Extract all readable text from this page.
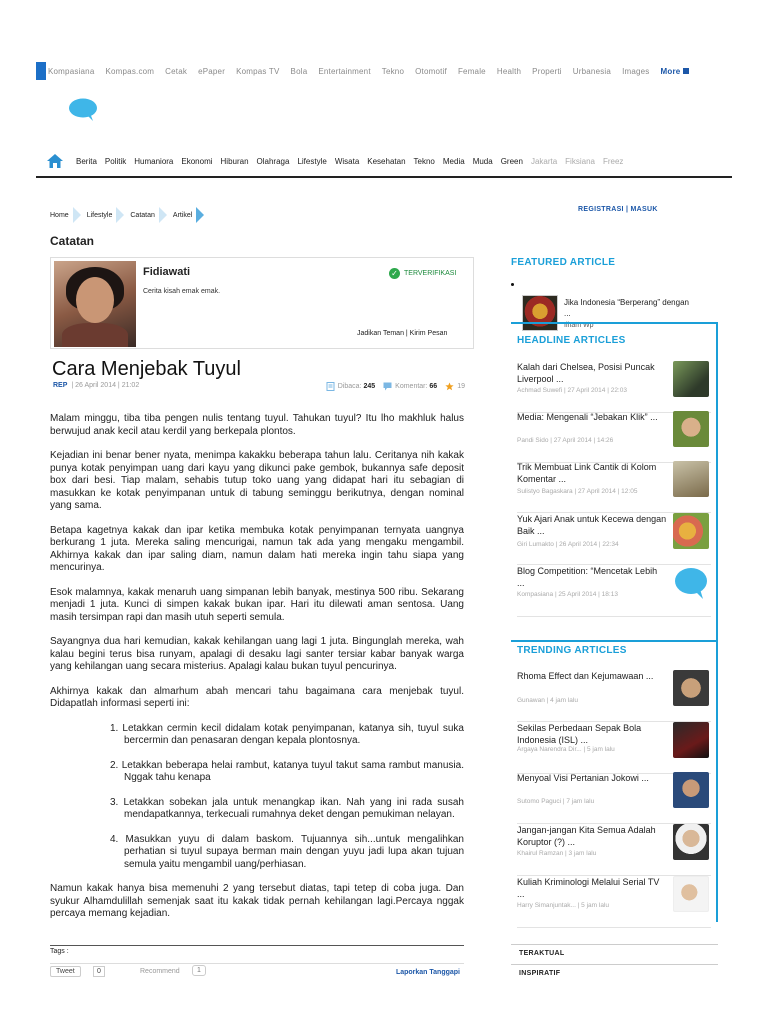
Kompasiana Kompas.com Cetak ePaper Kompas TV Bola Entertainment Tekno Otomotif Female Health Properti Urbanesia Images More
Berita Politik Humaniora Ekonomi Hiburan Olahraga Lifestyle Wisata Kesehatan Tekno Media Muda Green Jakarta Fiksiana Freez
Home	Lifestyle	Catatan	Artikel
REGISTRASI | MASUK
Catatan
Fidiawati
Cerita kisah emak emak.
✓ TERVERIFIKASI
Jadikan Teman | Kirim Pesan
Cara Menjebak Tuyul
REP | 26 April 2014 | 21:02	Dibaca:
245	Komentar:
66	19

Malam minggu, tiba tiba pengen nulis tentang tuyul. Tahukan tuyul? Itu lho makhluk halus berwujud anak kecil atau kerdil yang berkepala plontos.

Kejadian ini benar bener nyata, menimpa kakakku beberapa tahun lalu. Ceritanya nih kakak punya kotak penyimpan uang dari kayu yang dikunci pake gembok, bukannya safe deposit box dari besi. Tiap malam, sehabis tutup toko uang yang didapat hari itu sebagian di masukkan ke kotak penyimpanan untuk di tabung seminggu berikutnya, dengan nominal yang sama.

Betapa kagetnya kakak dan ipar ketika membuka kotak penyimpanan ternyata uangnya berkurang 1 juta. Mereka saling mencurigai, namun tak ada yang mengaku mengambil. Akhirnya kakak dan ipar saling diam, namun dalam hati mereka ingin tahu siapa yang mencurinya.

Esok malamnya, kakak menaruh uang simpanan lebih banyak, mestinya 500 ribu. Sekarang menjadi 1 juta. Kunci di simpen kakak bukan ipar. Hari itu dilewati aman sentosa. Uang masih tersimpan rapi dan masih utuh seperti semula.

Sayangnya dua hari kemudian, kakak kehilangan uang lagi 1 juta. Bingunglah mereka, wah kalau begini terus bisa runyam, apalagi di desaku lagi santer tersiar kabar banyak warga yang kehilangan uang secara misterius. Apalagi kalau bukan tuyul pencurinya.

Akhirnya kakak dan almarhum abah mencari tahu bagaimana cara menjebak tuyul. Didapatlah informasi seperti ini:

1. Letakkan cermin kecil didalam kotak penyimpanan, katanya sih, tuyul suka bercermin dan penasaran dengan kepala plontosnya.
2. Letakkan beberapa helai rambut, katanya tuyul takut sama rambut manusia. Nggak tahu kenapa
3. Letakkan sobekan jala untuk menangkap ikan. Nah yang ini rada susah mendapatkannya, terkecuali rumahnya deket dengan pemukiman nelayan.
4. Masukkan yuyu di dalam baskom. Tujuannya sih...untuk mengalihkan perhatian si tuyul supaya berman main dengan yuyu jadi lupa akan tujuan semula yaitu mengambil uang/perhiasan.

Namun kakak hanya bisa memenuhi 2 yang tersebut diatas, tapi tetep di coba juga. Dan syukur Alhamdulillah semenjak saat itu kakak tidak pernah kehilangan lagi.Percaya nggak percaya memang kejadian.

Tags :
Tweet	0	Recommend	1	Laporkan Tanggapi
FEATURED ARTICLE
Jika Indonesia “Berperang” dengan ...
Ilham Wp
HEADLINE ARTICLES
Kalah dari Chelsea, Posisi Puncak Liverpool ...
Achmad Suwefi | 27 April 2014 | 22:03
Media: Mengenali “Jebakan Klik” ...
Pandi Sido | 27 April 2014 | 14:26
Trik Membuat Link Cantik di Kolom Komentar ...
Sulistyo Bagaskara | 27 April 2014 | 12:05
Yuk Ajari Anak untuk Kecewa dengan Baik ...
Giri Lumakto | 26 April 2014 | 22:34
Blog Competition: “Mencetak Lebih ...
Kompasiana | 25 April 2014 | 18:13
TRENDING ARTICLES
Rhoma Effect dan Kejumawaan ...
Gunawan | 4 jam lalu
Sekilas Perbedaan Sepak Bola Indonesia (ISL) ...
Argaya Narendra Dir... | 5 jam lalu
Menyoal Visi Pertanian Jokowi ...
Sutomo Paguci | 7 jam lalu
Jangan-jangan Kita Semua Adalah Koruptor (?) ...
Khairul Ramzan | 3 jam lalu
Kuliah Kriminologi Melalui Serial TV ...
Harry Simanjuntak... | 5 jam lalu
TERAKTUAL
INSPIRATIF
